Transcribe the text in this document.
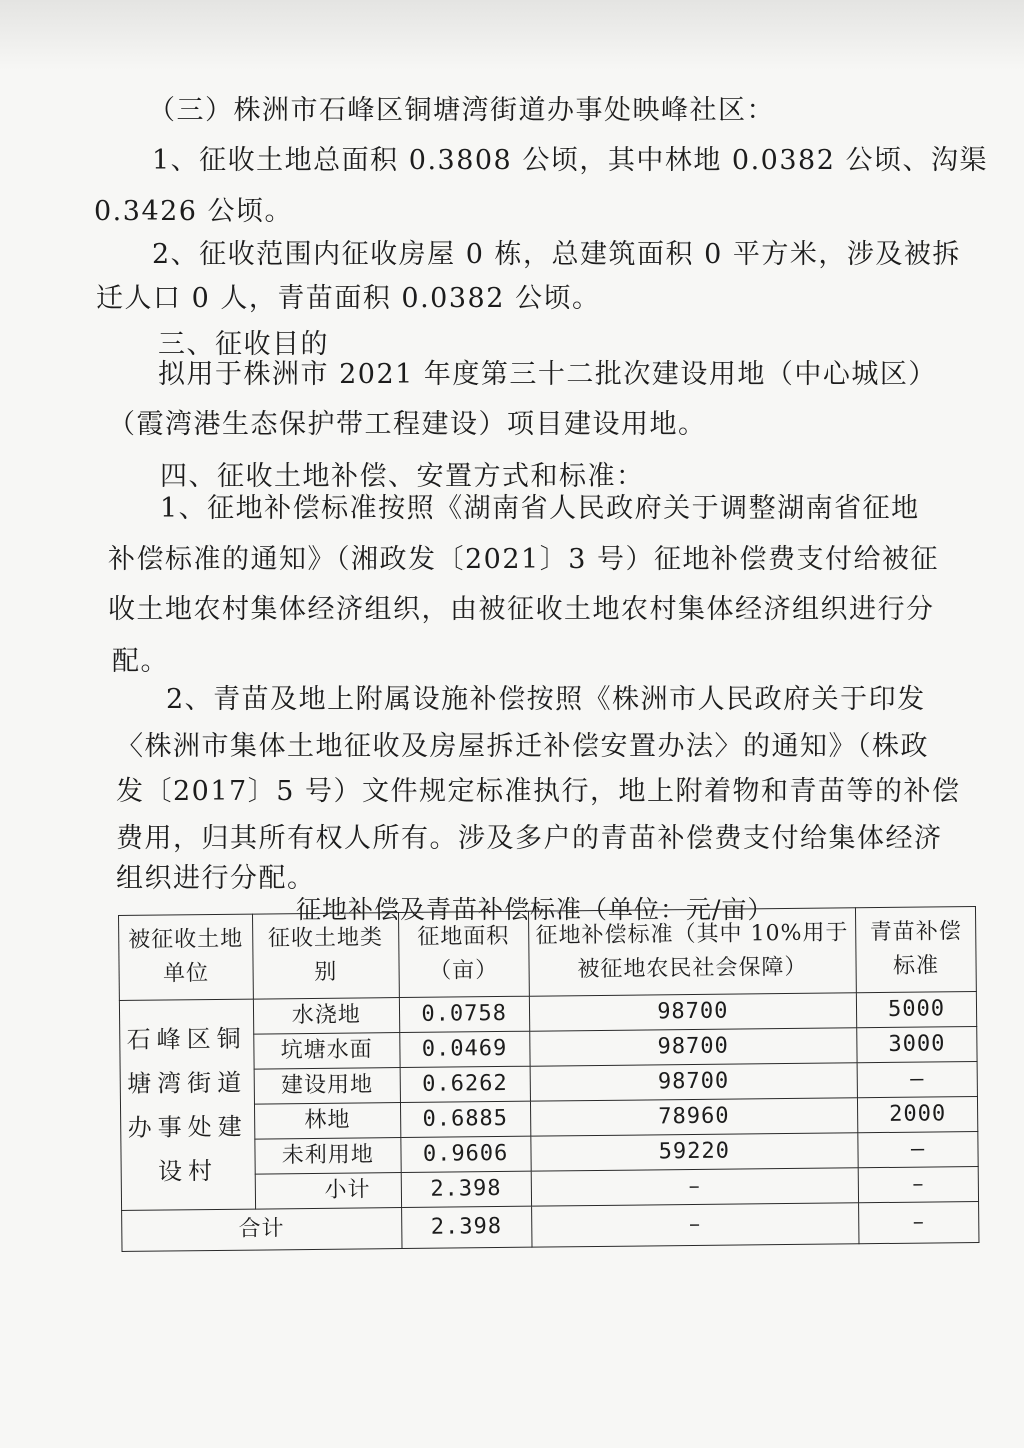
（三）株洲市石峰区铜塘湾街道办事处映峰社区：
1、征收土地总面积 0.3808 公顷，其中林地 0.0382 公顷、沟渠
0.3426 公顷。
2、征收范围内征收房屋 0 栋，总建筑面积 0 平方米，涉及被拆
迁人口 0 人，青苗面积 0.0382 公顷。
三、征收目的
拟用于株洲市 2021 年度第三十二批次建设用地（中心城区）
（霞湾港生态保护带工程建设）项目建设用地。
四、征收土地补偿、安置方式和标准：
1、征地补偿标准按照《湖南省人民政府关于调整湖南省征地
补偿标准的通知》（湘政发〔2021〕3 号）征地补偿费支付给被征
收土地农村集体经济组织，由被征收土地农村集体经济组织进行分
配。
2、青苗及地上附属设施补偿按照《株洲市人民政府关于印发
〈株洲市集体土地征收及房屋拆迁补偿安置办法〉的通知》（株政
发〔2017〕5 号）文件规定标准执行，地上附着物和青苗等的补偿
费用，归其所有权人所有。涉及多户的青苗补偿费支付给集体经济
组织进行分配。
征地补偿及青苗补偿标准（单位：元/亩）
被征收土地单位	征收土地类别	征地面积（亩）	征地补偿标准（其中 10%用于被征地农民社会保障）	青苗补偿标准
石峰区铜塘湾街道办事处建设村	水浇地	0.0758	98700	5000
	坑塘水面	0.0469	98700	3000
	建设用地	0.6262	98700	–
	林地	0.6885	78960	2000
	未利用地	0.9606	59220	–
	小计	2.398	–	–
合计		2.398	–	–
